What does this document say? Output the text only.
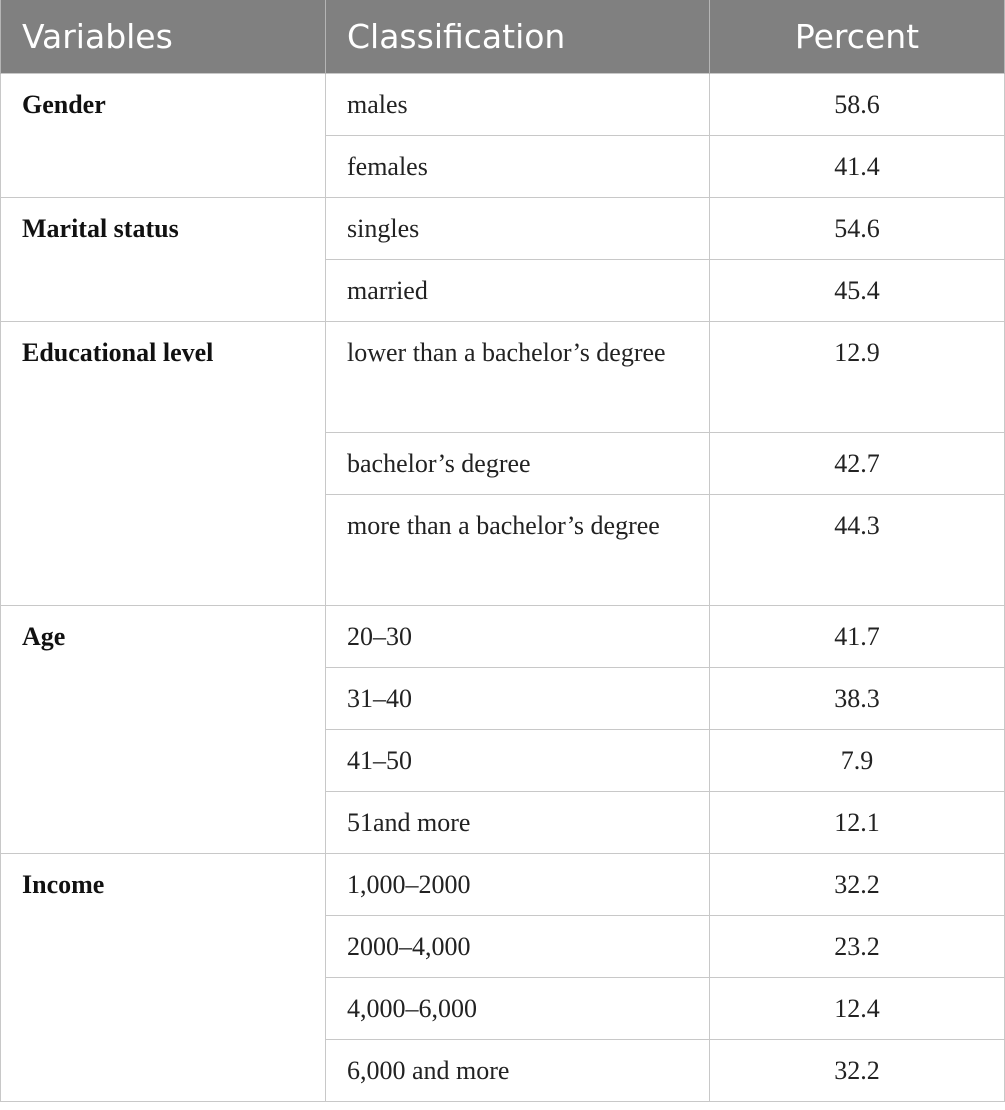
Variables	Classification	Percent
Gender	males	58.6
	females	41.4
Marital status	singles	54.6
	married	45.4
Educational level	lower than a bachelor’s degree	12.9
	bachelor’s degree	42.7
	more than a bachelor’s degree	44.3
Age	20–30	41.7
	31–40	38.3
	41–50	7.9
	51and more	12.1
Income	1,000–2000	32.2
	2000–4,000	23.2
	4,000–6,000	12.4
	6,000 and more	32.2
